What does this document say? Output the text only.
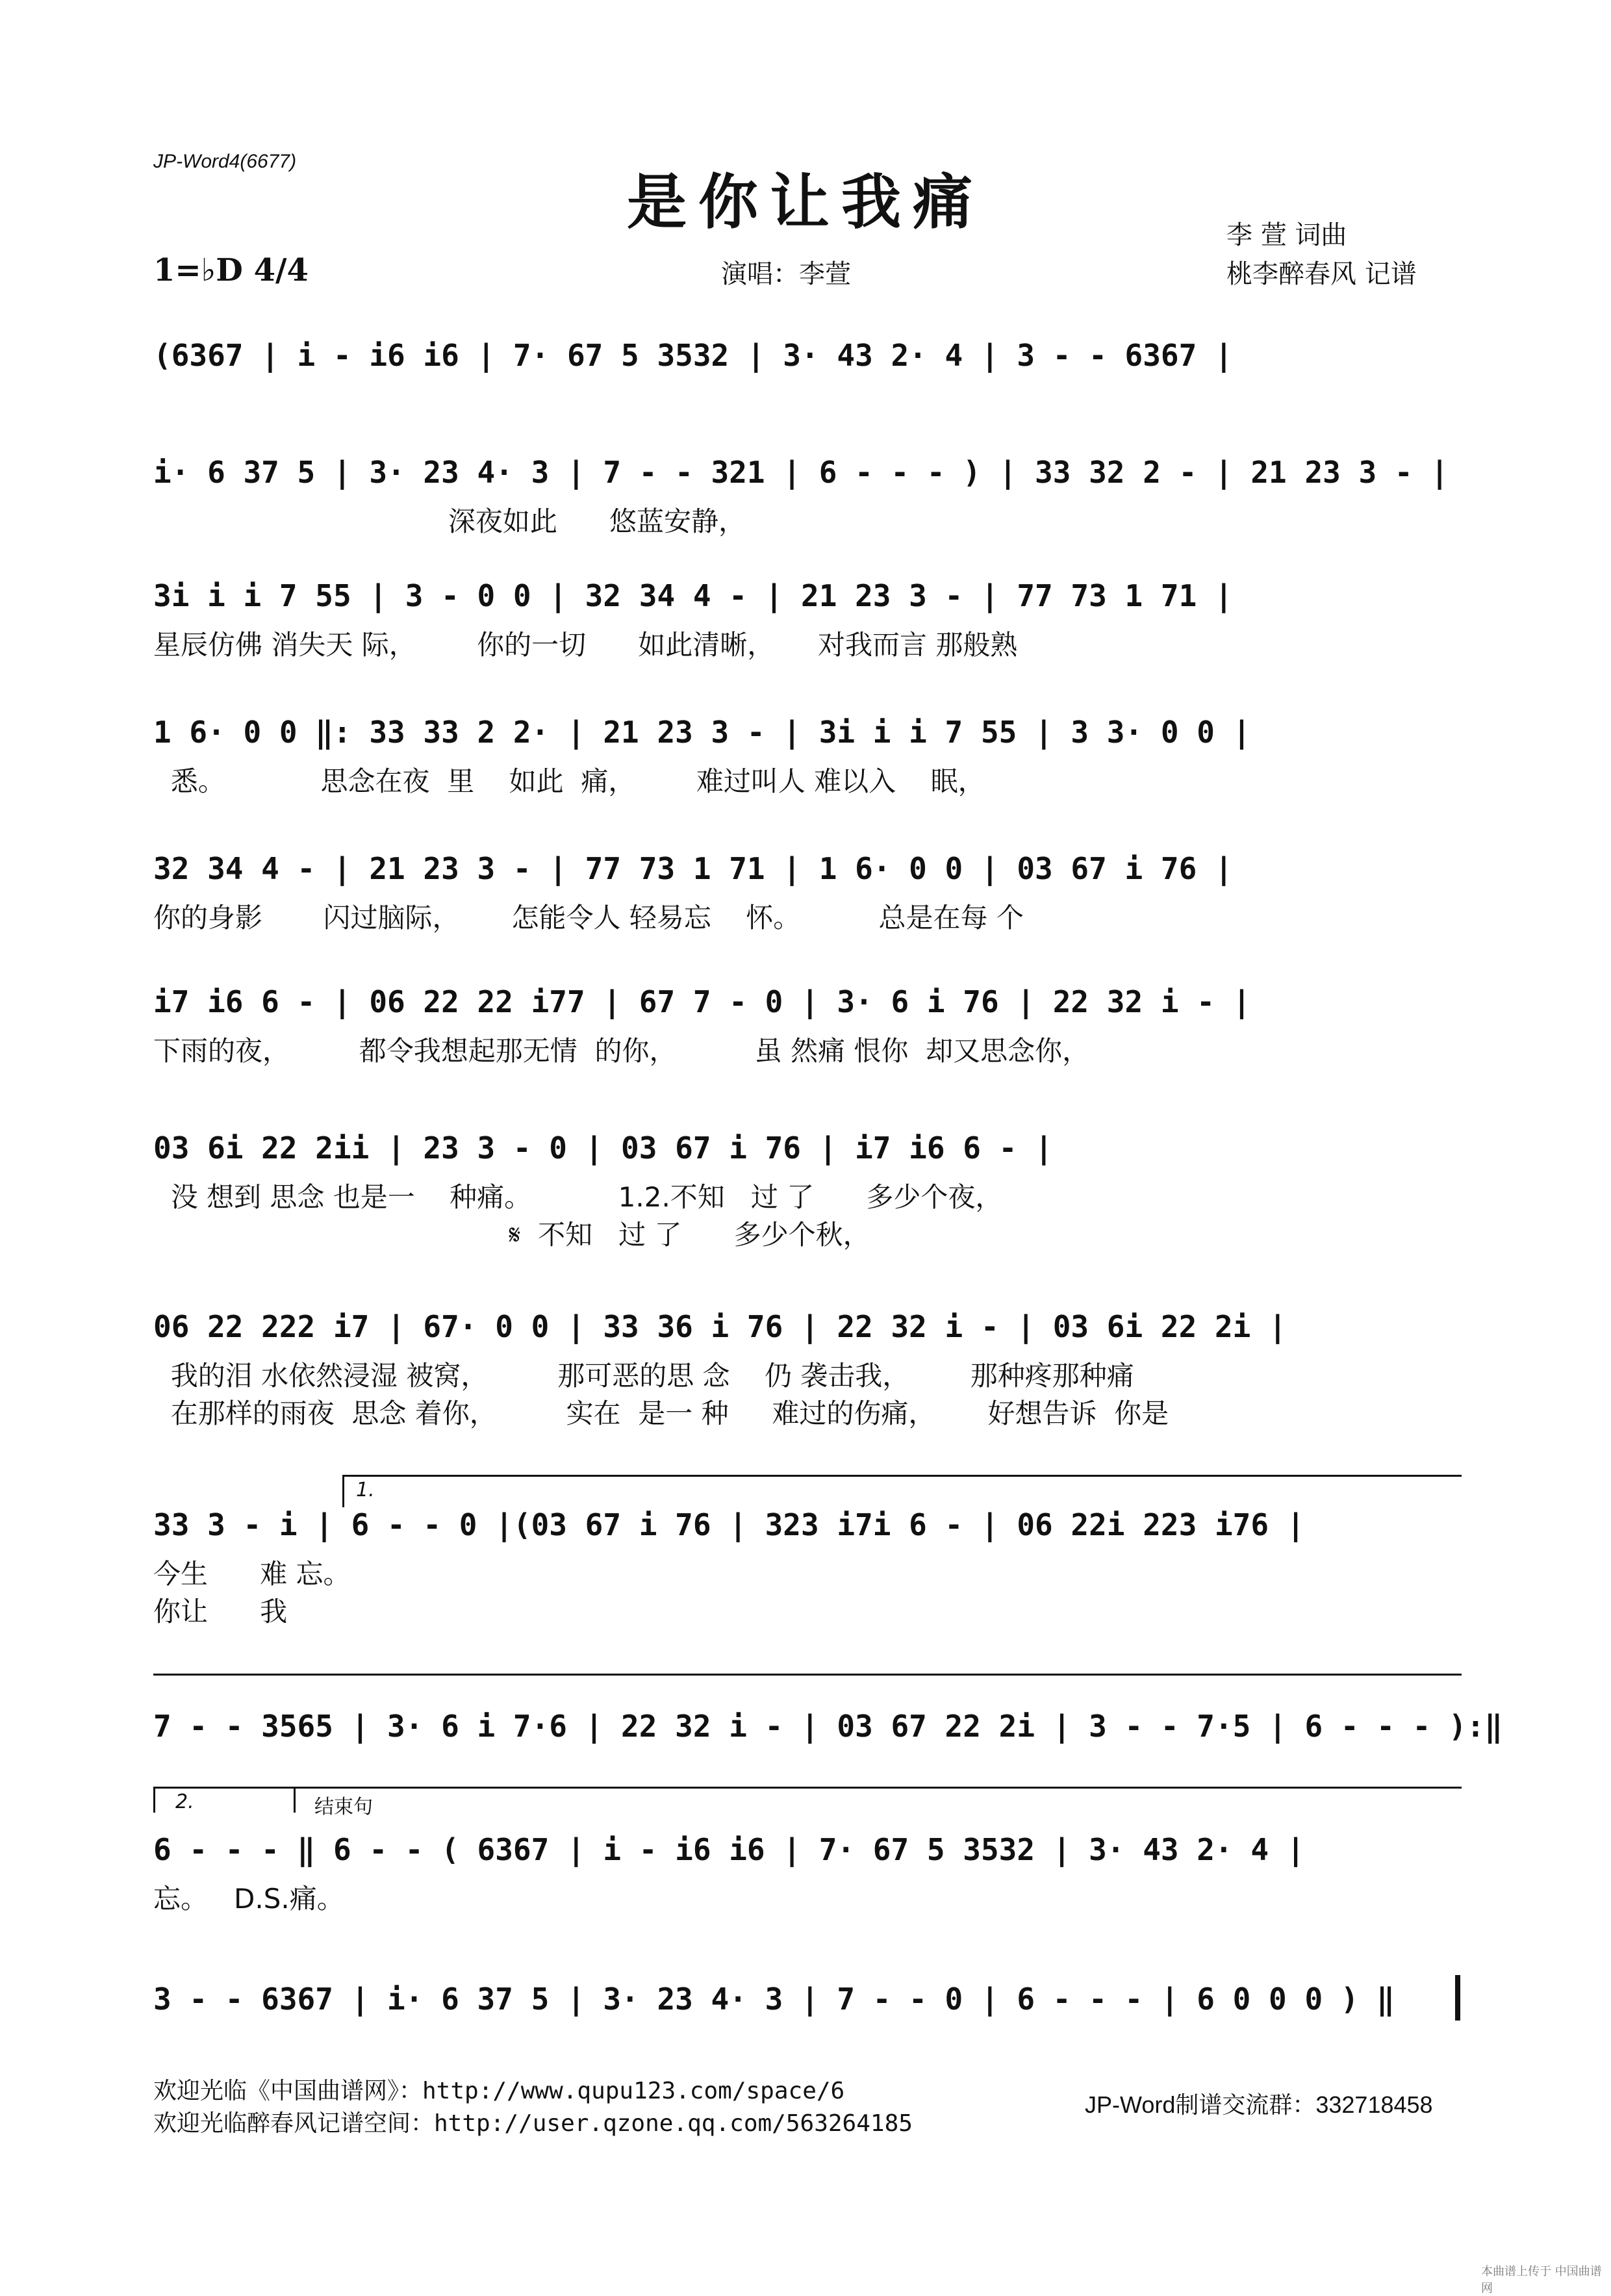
JP-Word4(6677)
是你让我痛	李 萱 词曲
桃李醉春风 记谱
1=♭D 4/4	演唱：李萱
(6367 | i - i6 i6 | 7· 67 5 3532 | 3· 43 2· 4 | 3 - - 6367 |
i· 6 37 5 | 3· 23 4· 3 | 7 - - 321 | 6 - - - ) | 33 32 2 - | 21 23 3 - |
深夜如此      悠蓝安静，
3i i i 7 55 | 3 - 0 0 | 32 34 4 - | 21 23 3 - | 77 73 1 71 |
星辰仿佛 消失天 际，       你的一切      如此清晰，     对我而言 那般熟
1 6· 0 0 ‖: 33 33 2 2· | 21 23 3 - | 3i i i 7 55 | 3 3· 0 0 |
悉。           思念在夜  里    如此  痛，       难过叫人 难以入    眠，
32 34 4 - | 21 23 3 - | 77 73 1 71 | 1 6· 0 0 | 03 67 i 76 |
你的身影       闪过脑际，      怎能令人 轻易忘    怀。         总是在每 个
i7 i6 6 - | 06 22 22 i77 | 67 7 - 0 | 3· 6 i 76 | 22 32 i - |
下雨的夜，        都令我想起那无情  的你，         虽 然痛 恨你  却又思念你，
03 6i 22 2ii | 23 3 - 0 | 03 67 i 76 | i7 i6 6 - |
没 想到 思念 也是一    种痛。          1.2.不知   过 了      多少个夜，
𝄋  不知   过 了      多少个秋，
06 22 222 i7 | 67· 0 0 | 33 36 i 76 | 22 32 i - | 03 6i 22 2i |
我的泪 水依然浸湿 被窝，        那可恶的思 念    仍 袭击我，       那种疼那种痛
在那样的雨夜  思念 着你，        实在  是一 种     难过的伤痛，      好想告诉  你是
33 3 - i | 6 - - 0 |(03 67 i 76 | 323 i7i 6 - | 06 22i 223 i76 |
今生      难 忘。
你让      我
7 - - 3565 | 3· 6 i 7·6 | 22 32 i - | 03 67 22 2i | 3 - - 7·5 | 6 - - - ):‖
6 - - - ‖ 6 - - ( 6367 | i - i6 i6 | 7· 67 5 3532 | 3· 43 2· 4 |
忘。   D.S.痛。
3 - - 6367 | i· 6 37 5 | 3· 23 4· 3 | 7 - - 0 | 6 - - - | 6 0 0 0 ) ‖
1.
2.	结束句
欢迎光临《中国曲谱网》：http://www.qupu123.com/space/6
欢迎光临醉春风记谱空间：http://user.qzone.qq.com/563264185
JP-Word制谱交流群：332718458
本曲谱上传于 中国曲谱网
